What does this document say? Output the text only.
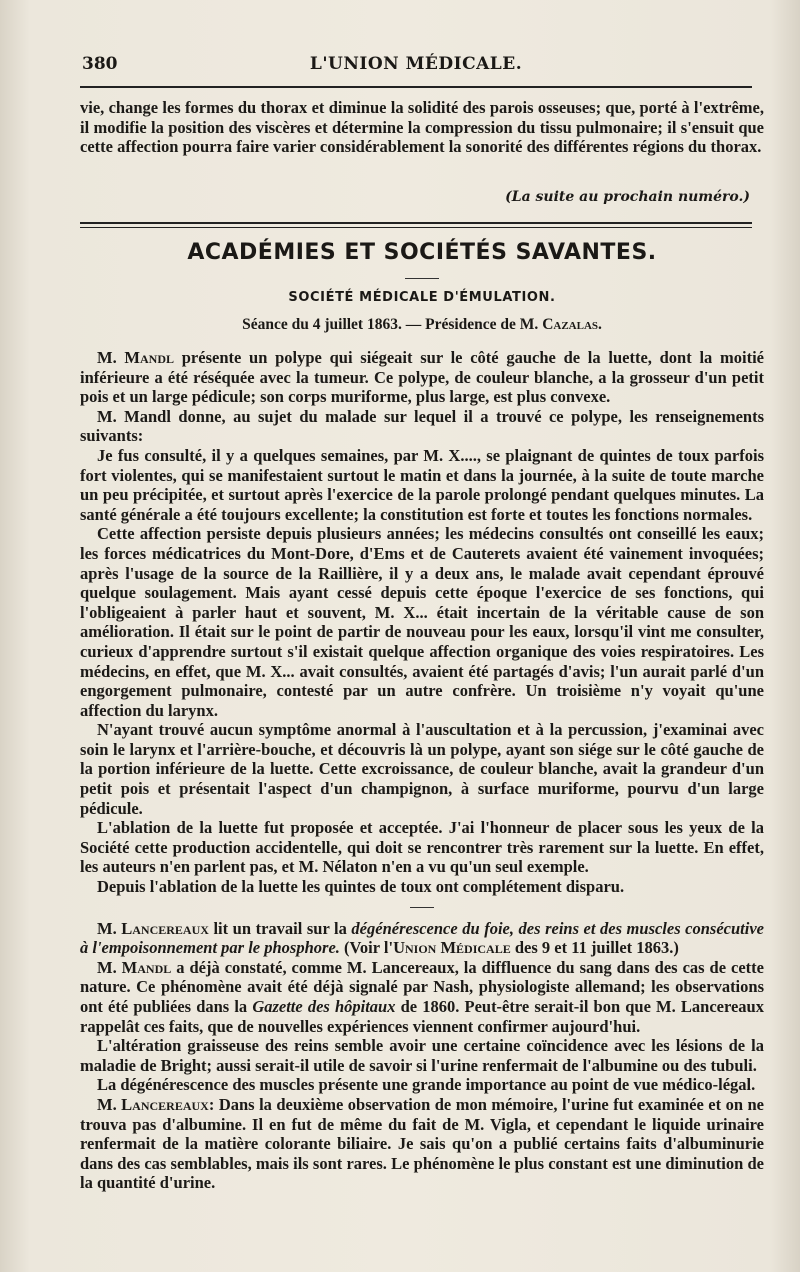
380	L'UNION MÉDICALE.

vie, change les formes du thorax et diminue la solidité des parois osseuses; que, porté à l'extrême, il modifie la position des viscères et détermine la compression du tissu pulmonaire; il s'ensuit que cette affection pourra faire varier considérablement la sonorité des différentes régions du thorax.

(La suite au prochain numéro.)
ACADÉMIES ET SOCIÉTÉS SAVANTES.
SOCIÉTÉ MÉDICALE D'ÉMULATION.
Séance du 4 juillet 1863. — Présidence de M. Cazalas.

M. Mandl présente un polype qui siégeait sur le côté gauche de la luette, dont la moitié inférieure a été réséquée avec la tumeur. Ce polype, de couleur blanche, a la grosseur d'un petit pois et un large pédicule; son corps muriforme, plus large, est plus convexe.

M. Mandl donne, au sujet du malade sur lequel il a trouvé ce polype, les renseignements suivants:

Je fus consulté, il y a quelques semaines, par M. X...., se plaignant de quintes de toux parfois fort violentes, qui se manifestaient surtout le matin et dans la journée, à la suite de toute marche un peu précipitée, et surtout après l'exercice de la parole prolongé pendant quelques minutes. La santé générale a été toujours excellente; la constitution est forte et toutes les fonctions normales.

Cette affection persiste depuis plusieurs années; les médecins consultés ont conseillé les eaux; les forces médicatrices du Mont-Dore, d'Ems et de Cauterets avaient été vainement invoquées; après l'usage de la source de la Raillière, il y a deux ans, le malade avait cependant éprouvé quelque soulagement. Mais ayant cessé depuis cette époque l'exercice de ses fonctions, qui l'obligeaient à parler haut et souvent, M. X... était incertain de la véritable cause de son amélioration. Il était sur le point de partir de nouveau pour les eaux, lorsqu'il vint me consulter, curieux d'apprendre surtout s'il existait quelque affection organique des voies respiratoires. Les médecins, en effet, que M. X... avait consultés, avaient été partagés d'avis; l'un aurait parlé d'un engorgement pulmonaire, contesté par un autre confrère. Un troisième n'y voyait qu'une affection du larynx.

N'ayant trouvé aucun symptôme anormal à l'auscultation et à la percussion, j'examinai avec soin le larynx et l'arrière-bouche, et découvris là un polype, ayant son siége sur le côté gauche de la portion inférieure de la luette. Cette excroissance, de couleur blanche, avait la grandeur d'un petit pois et présentait l'aspect d'un champignon, à surface muriforme, pourvu d'un large pédicule.

L'ablation de la luette fut proposée et acceptée. J'ai l'honneur de placer sous les yeux de la Société cette production accidentelle, qui doit se rencontrer très rarement sur la luette. En effet, les auteurs n'en parlent pas, et M. Nélaton n'en a vu qu'un seul exemple.

Depuis l'ablation de la luette les quintes de toux ont complétement disparu.

M. Lancereaux lit un travail sur la dégénérescence du foie, des reins et des muscles consécutive à l'empoisonnement par le phosphore. (Voir l'Union Médicale des 9 et 11 juillet 1863.)

M. Mandl a déjà constaté, comme M. Lancereaux, la diffluence du sang dans des cas de cette nature. Ce phénomène avait été déjà signalé par Nash, physiologiste allemand; les observations ont été publiées dans la Gazette des hôpitaux de 1860. Peut-être serait-il bon que M. Lancereaux rappelât ces faits, que de nouvelles expériences viennent confirmer aujourd'hui.

L'altération graisseuse des reins semble avoir une certaine coïncidence avec les lésions de la maladie de Bright; aussi serait-il utile de savoir si l'urine renfermait de l'albumine ou des tubuli.

La dégénérescence des muscles présente une grande importance au point de vue médico-légal.

M. Lancereaux: Dans la deuxième observation de mon mémoire, l'urine fut examinée et on ne trouva pas d'albumine. Il en fut de même du fait de M. Vigla, et cependant le liquide urinaire renfermait de la matière colorante biliaire. Je sais qu'on a publié certains faits d'albuminurie dans des cas semblables, mais ils sont rares. Le phénomène le plus constant est une diminution de la quantité d'urine.
